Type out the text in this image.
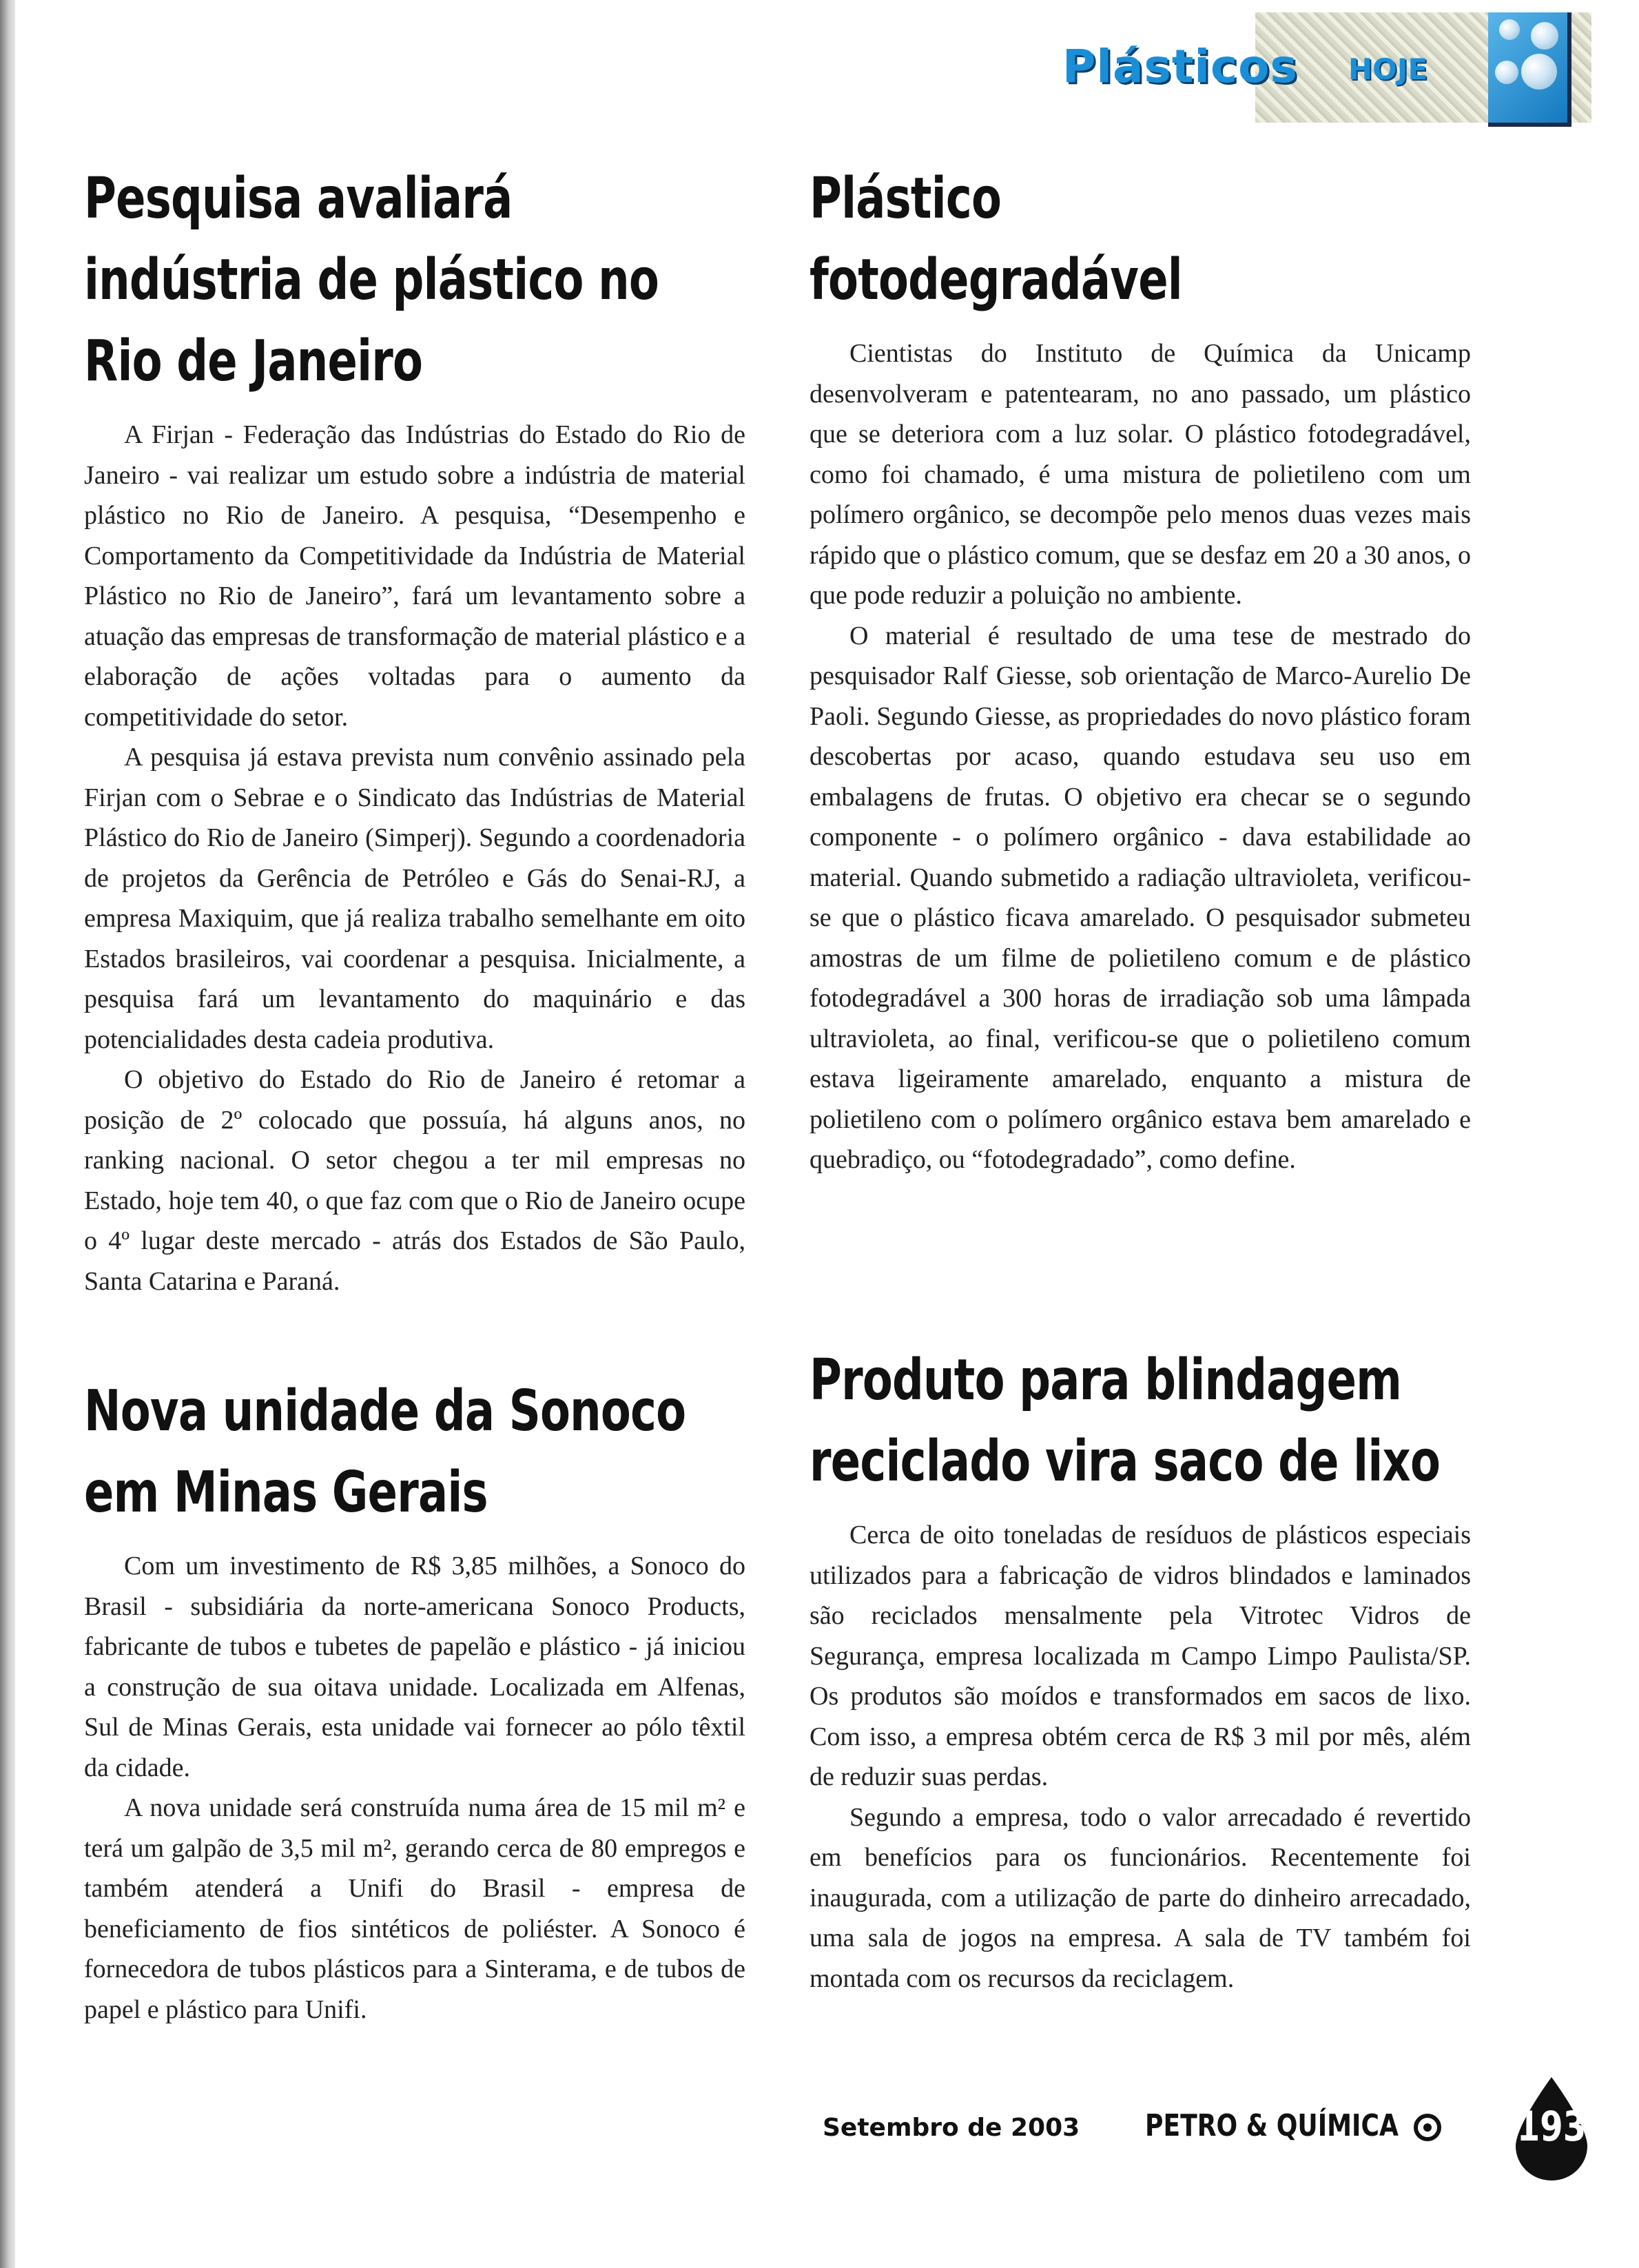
Plásticos HOJE
Pesquisa avaliará indústria de plástico no Rio de Janeiro

A Firjan - Federação das Indústrias do Estado do Rio de Janeiro - vai realizar um estudo sobre a indústria de material plástico no Rio de Janeiro. A pesquisa, “Desempenho e Comportamento da Competitividade da Indústria de Material Plástico no Rio de Janeiro”, fará um levantamento sobre a atuação das empresas de transformação de material plástico e a elaboração de ações voltadas para o aumento da competitividade do setor.

A pesquisa já estava prevista num convênio assinado pela Firjan com o Sebrae e o Sindicato das Indústrias de Material Plástico do Rio de Janeiro (Simperj). Segundo a coordenadoria de projetos da Gerência de Petróleo e Gás do Senai-RJ, a empresa Maxiquim, que já realiza trabalho semelhante em oito Estados brasileiros, vai coordenar a pesquisa. Inicialmente, a pesquisa fará um levantamento do maquinário e das potencialidades desta cadeia produtiva.

O objetivo do Estado do Rio de Janeiro é retomar a posição de 2º colocado que possuía, há alguns anos, no ranking nacional. O setor chegou a ter mil empresas no Estado, hoje tem 40, o que faz com que o Rio de Janeiro ocupe o 4º lugar deste mercado - atrás dos Estados de São Paulo, Santa Catarina e Paraná.

Nova unidade da Sonoco em Minas Gerais

Com um investimento de R$ 3,85 milhões, a Sonoco do Brasil - subsidiária da norte-americana Sonoco Products, fabricante de tubos e tubetes de papelão e plástico - já iniciou a construção de sua oitava unidade. Localizada em Alfenas, Sul de Minas Gerais, esta unidade vai fornecer ao pólo têxtil da cidade.

A nova unidade será construída numa área de 15 mil m² e terá um galpão de 3,5 mil m², gerando cerca de 80 empregos e também atenderá a Unifi do Brasil - empresa de beneficiamento de fios sintéticos de poliéster. A Sonoco é fornecedora de tubos plásticos para a Sinterama, e de tubos de papel e plástico para Unifi.

Plástico fotodegradável

Cientistas do Instituto de Química da Unicamp desenvolveram e patentearam, no ano passado, um plástico que se deteriora com a luz solar. O plástico fotodegradável, como foi chamado, é uma mistura de polietileno com um polímero orgânico, se decompõe pelo menos duas vezes mais rápido que o plástico comum, que se desfaz em 20 a 30 anos, o que pode reduzir a poluição no ambiente.

O material é resultado de uma tese de mestrado do pesquisador Ralf Giesse, sob orientação de Marco-Aurelio De Paoli. Segundo Giesse, as propriedades do novo plástico foram descobertas por acaso, quando estudava seu uso em embalagens de frutas. O objetivo era checar se o segundo componente - o polímero orgânico - dava estabilidade ao material. Quando submetido a radiação ultravioleta, verificou-se que o plástico ficava amarelado. O pesquisador submeteu amostras de um filme de polietileno comum e de plástico fotodegradável a 300 horas de irradiação sob uma lâmpada ultravioleta, ao final, verificou-se que o polietileno comum estava ligeiramente amarelado, enquanto a mistura de polietileno com o polímero orgânico estava bem amarelado e quebradiço, ou “fotodegradado”, como define.

Produto para blindagem reciclado vira saco de lixo

Cerca de oito toneladas de resíduos de plásticos especiais utilizados para a fabricação de vidros blindados e laminados são reciclados mensalmente pela Vitrotec Vidros de Segurança, empresa localizada m Campo Limpo Paulista/SP. Os produtos são moídos e transformados em sacos de lixo. Com isso, a empresa obtém cerca de R$ 3 mil por mês, além de reduzir suas perdas.

Segundo a empresa, todo o valor arrecadado é revertido em benefícios para os funcionários. Recentemente foi inaugurada, com a utilização de parte do dinheiro arrecadado, uma sala de jogos na empresa. A sala de TV também foi montada com os recursos da reciclagem.

Setembro de 2003 PETRO & QUÍMICA	193
